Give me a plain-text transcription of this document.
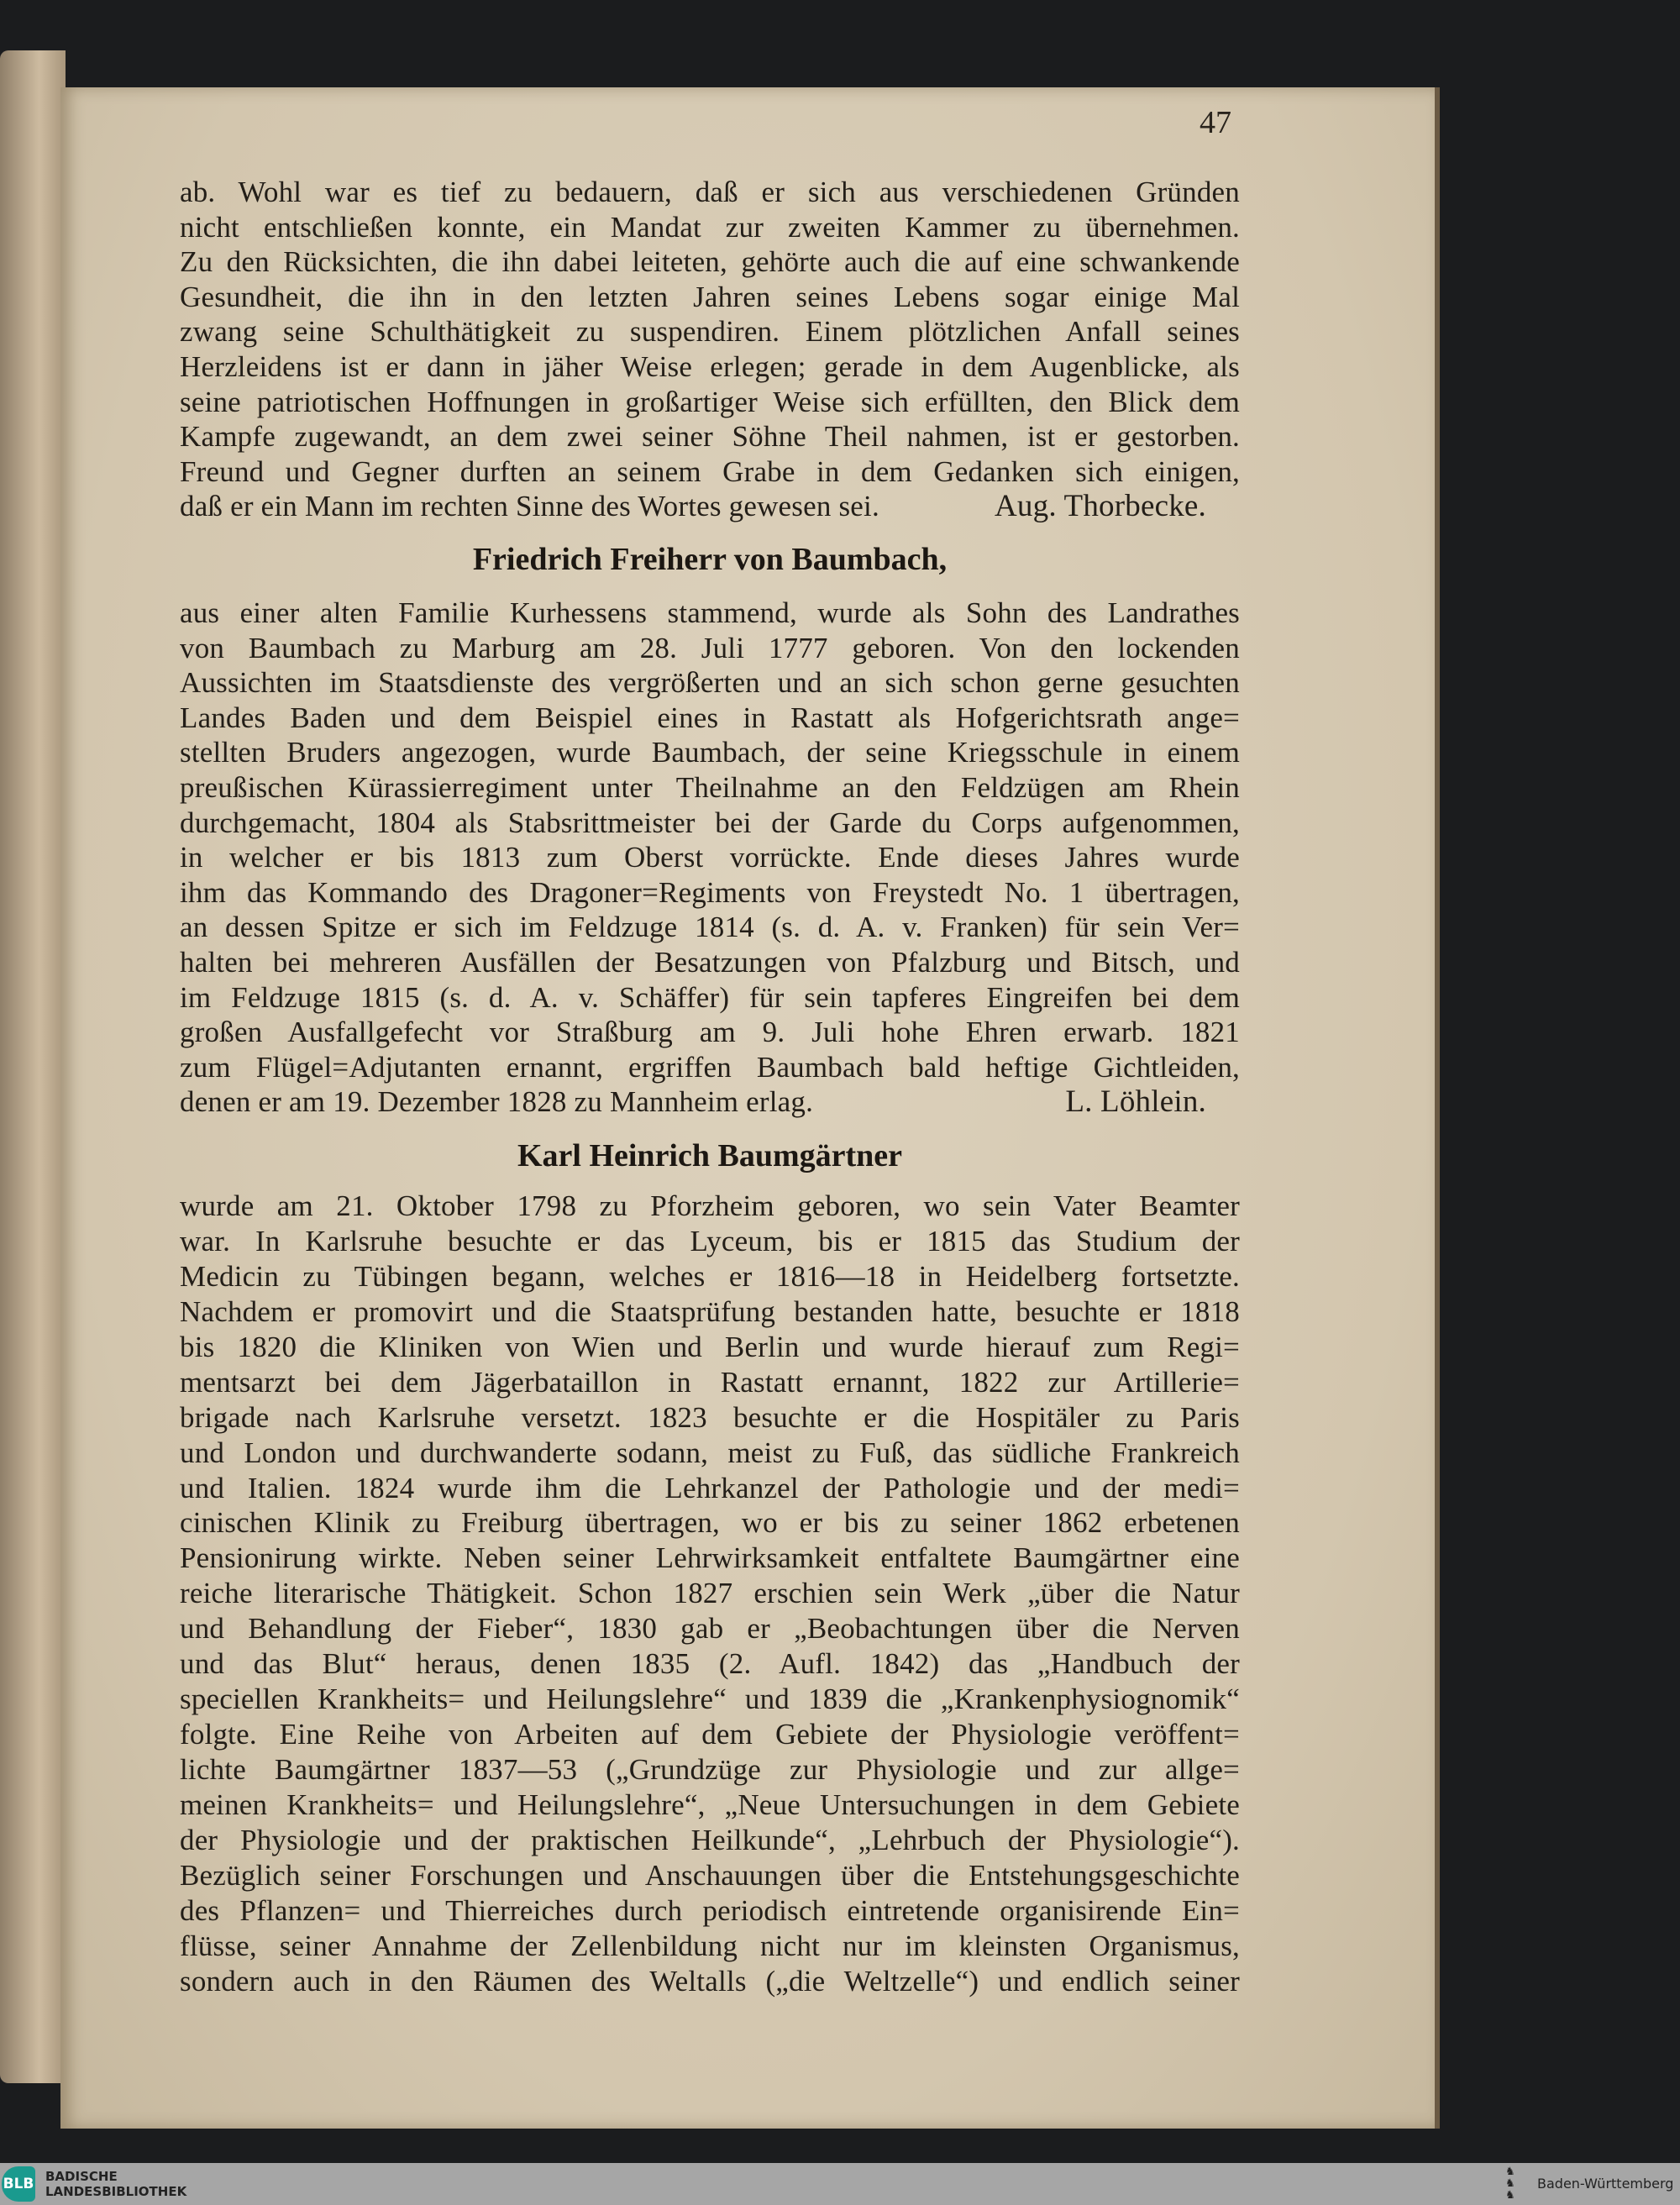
47
ab. Wohl war es tief zu bedauern, daß er sich aus verschiedenen Gründen
nicht entschließen konnte, ein Mandat zur zweiten Kammer zu übernehmen.
Zu den Rücksichten, die ihn dabei leiteten, gehörte auch die auf eine schwankende
Gesundheit, die ihn in den letzten Jahren seines Lebens sogar einige Mal
zwang seine Schulthätigkeit zu suspendiren. Einem plötzlichen Anfall seines
Herzleidens ist er dann in jäher Weise erlegen; gerade in dem Augenblicke, als
seine patriotischen Hoffnungen in großartiger Weise sich erfüllten, den Blick dem
Kampfe zugewandt, an dem zwei seiner Söhne Theil nahmen, ist er gestorben.
Freund und Gegner durften an seinem Grabe in dem Gedanken sich einigen,
daß er ein Mann im rechten Sinne des Wortes gewesen sei.	Aug. Thorbecke.
Friedrich Freiherr von Baumbach,
aus einer alten Familie Kurhessens stammend, wurde als Sohn des Landrathes
von Baumbach zu Marburg am 28. Juli 1777 geboren. Von den lockenden
Aussichten im Staatsdienste des vergrößerten und an sich schon gerne gesuchten
Landes Baden und dem Beispiel eines in Rastatt als Hofgerichtsrath ange=
stellten Bruders angezogen, wurde Baumbach, der seine Kriegsschule in einem
preußischen Kürassierregiment unter Theilnahme an den Feldzügen am Rhein
durchgemacht, 1804 als Stabsrittmeister bei der Garde du Corps aufgenommen,
in welcher er bis 1813 zum Oberst vorrückte. Ende dieses Jahres wurde
ihm das Kommando des Dragoner=Regiments von Freystedt No. 1 übertragen,
an dessen Spitze er sich im Feldzuge 1814 (s. d. A. v. Franken) für sein Ver=
halten bei mehreren Ausfällen der Besatzungen von Pfalzburg und Bitsch, und
im Feldzuge 1815 (s. d. A. v. Schäffer) für sein tapferes Eingreifen bei dem
großen Ausfallgefecht vor Straßburg am 9. Juli hohe Ehren erwarb. 1821
zum Flügel=Adjutanten ernannt, ergriffen Baumbach bald heftige Gichtleiden,
denen er am 19. Dezember 1828 zu Mannheim erlag.	L. Löhlein.
Karl Heinrich Baumgärtner
wurde am 21. Oktober 1798 zu Pforzheim geboren, wo sein Vater Beamter
war. In Karlsruhe besuchte er das Lyceum, bis er 1815 das Studium der
Medicin zu Tübingen begann, welches er 1816—18 in Heidelberg fortsetzte.
Nachdem er promovirt und die Staatsprüfung bestanden hatte, besuchte er 1818
bis 1820 die Kliniken von Wien und Berlin und wurde hierauf zum Regi=
mentsarzt bei dem Jägerbataillon in Rastatt ernannt, 1822 zur Artillerie=
brigade nach Karlsruhe versetzt. 1823 besuchte er die Hospitäler zu Paris
und London und durchwanderte sodann, meist zu Fuß, das südliche Frankreich
und Italien. 1824 wurde ihm die Lehrkanzel der Pathologie und der medi=
cinischen Klinik zu Freiburg übertragen, wo er bis zu seiner 1862 erbetenen
Pensionirung wirkte. Neben seiner Lehrwirksamkeit entfaltete Baumgärtner eine
reiche literarische Thätigkeit. Schon 1827 erschien sein Werk „über die Natur
und Behandlung der Fieber“, 1830 gab er „Beobachtungen über die Nerven
und das Blut“ heraus, denen 1835 (2. Aufl. 1842) das „Handbuch der
speciellen Krankheits= und Heilungslehre“ und 1839 die „Krankenphysiognomik“
folgte. Eine Reihe von Arbeiten auf dem Gebiete der Physiologie veröffent=
lichte Baumgärtner 1837—53 („Grundzüge zur Physiologie und zur allge=
meinen Krankheits= und Heilungslehre“, „Neue Untersuchungen in dem Gebiete
der Physiologie und der praktischen Heilkunde“, „Lehrbuch der Physiologie“).
Bezüglich seiner Forschungen und Anschauungen über die Entstehungsgeschichte
des Pflanzen= und Thierreiches durch periodisch eintretende organisirende Ein=
flüsse, seiner Annahme der Zellenbildung nicht nur im kleinsten Organismus,
sondern auch in den Räumen des Weltalls („die Weltzelle“) und endlich seiner
BLB BADISCHE
LANDESBIBLIOTHEK
♞
♞
♞
Baden-Württemberg
